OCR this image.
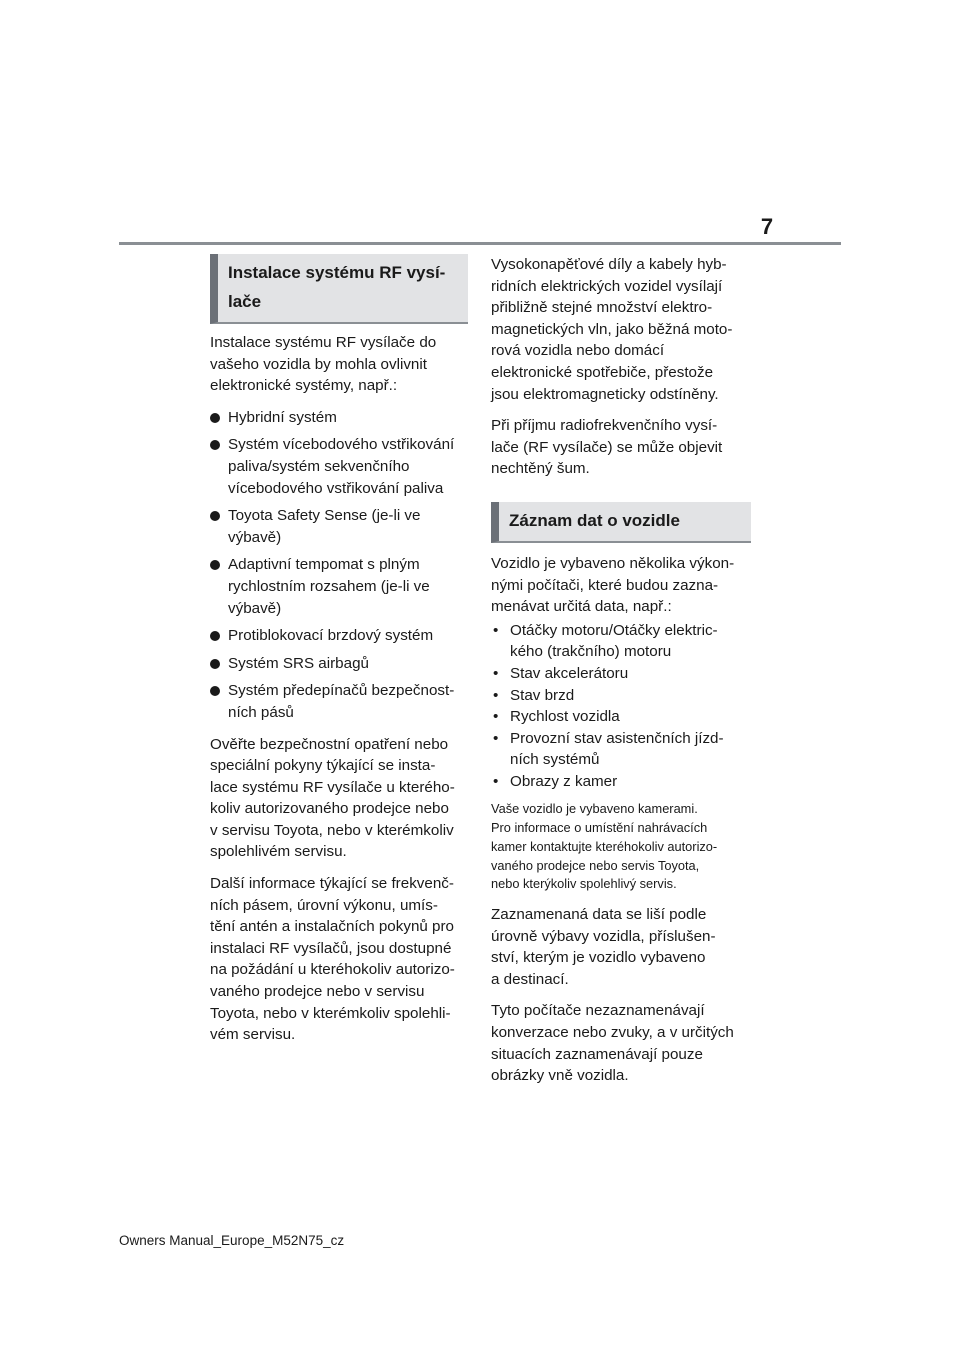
7
Instalace systému RF vysí-
lače

Instalace systému RF vysílače do

vašeho vozidla by mohla ovlivnit

elektronické systémy, např.:

Hybridní systém

Systém vícebodového vstřikování

paliva/systém sekvenčního

vícebodového vstřikování paliva

Toyota Safety Sense (je-li ve

výbavě)

Adaptivní tempomat s plným

rychlostním rozsahem (je-li ve

výbavě)

Protiblokovací brzdový systém

Systém SRS airbagů

Systém předepínačů bezpečnost-

ních pásů

Ověřte bezpečnostní opatření nebo

speciální pokyny týkající se insta-

lace systému RF vysílače u kteréhо-

koliv autorizovaného prodejce nebo

v servisu Toyota, nebo v kterémkoliv

spolehlivém servisu.

Další informace týkající se frekvenč-

ních pásem, úrovní výkonu, umís-

tění antén a instalačních pokynů pro

instalaci RF vysílačů, jsou dostupné

na požádání u kteréhokoliv autorizo-

vaného prodejce nebo v servisu

Toyota, nebo v kterémkoliv spolehli-

vém servisu.

Vysokonapěťové díly a kabely hyb-

ridních elektrických vozidel vysílají

přibližně stejné množství elektro-

magnetických vln, jako běžná moto-

rová vozidla nebo domácí

elektronické spotřebiče, přestože

jsou elektromagneticky odstíněny.

Při příjmu radiofrekvenčního vysí-

lače (RF vysílače) se může objevit

nechtěný šum.

Záznam dat o vozidle

Vozidlo je vybaveno několika výkon-

nými počítači, které budou zazna-

menávat určitá data, např.:

• Otáčky motoru/Otáčky elektric-

kého (trakčního) motoru

• Stav akcelerátoru

• Stav brzd

• Rychlost vozidla

• Provozní stav asistenčních jízd-

ních systémů

• Obrazy z kamer

Vaše vozidlo je vybaveno kamerami.

Pro informace o umístění nahrávacích

kamer kontaktujte kteréhokoliv autorizo-

vaného prodejce nebo servis Toyota,

nebo kterýkoliv spolehlivý servis.

Zaznamenaná data se liší podle

úrovně výbavy vozidla, příslušen-

ství, kterým je vozidlo vybaveno

a destinací.

Tyto počítače nezaznamenávají

konverzace nebo zvuky, a v určitých

situacích zaznamenávají pouze

obrázky vně vozidla.

Owners Manual_Europe_M52N75_cz
